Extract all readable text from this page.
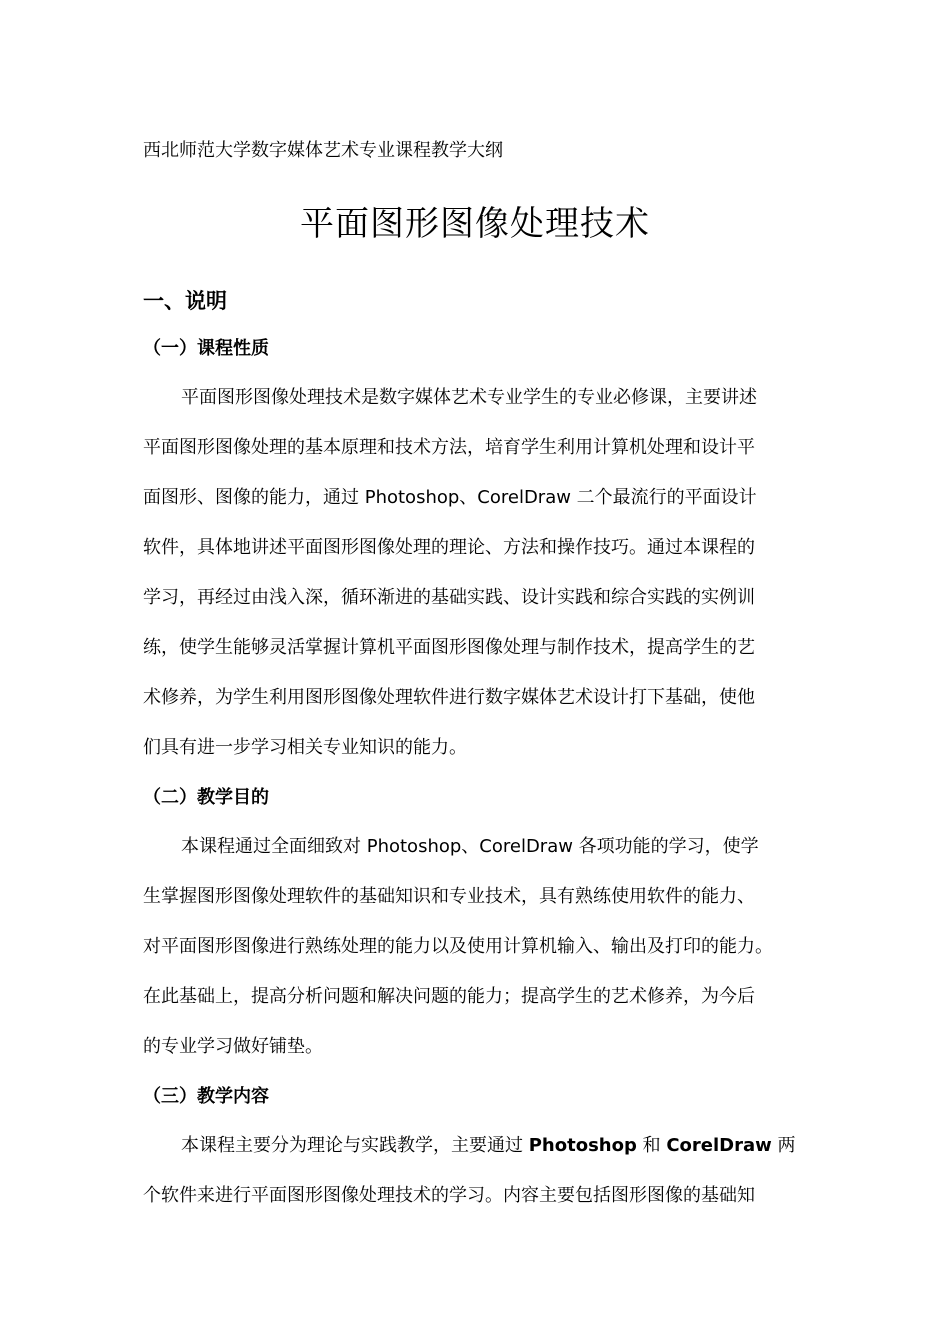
西北师范大学数字媒体艺术专业课程教学大纲
平面图形图像处理技术
一、说明
（一）课程性质
平面图形图像处理技术是数字媒体艺术专业学生的专业必修课，主要讲述
平面图形图像处理的基本原理和技术方法，培育学生利用计算机处理和设计平
面图形、图像的能力，通过 Photoshop、CorelDraw 二个最流行的平面设计
软件，具体地讲述平面图形图像处理的理论、方法和操作技巧。通过本课程的
学习，再经过由浅入深，循环渐进的基础实践、设计实践和综合实践的实例训
练，使学生能够灵活掌握计算机平面图形图像处理与制作技术，提高学生的艺
术修养，为学生利用图形图像处理软件进行数字媒体艺术设计打下基础，使他
们具有进一步学习相关专业知识的能力。
（二）教学目的
本课程通过全面细致对 Photoshop、CorelDraw 各项功能的学习，使学
生掌握图形图像处理软件的基础知识和专业技术，具有熟练使用软件的能力、
对平面图形图像进行熟练处理的能力以及使用计算机输入、输出及打印的能力。
在此基础上，提高分析问题和解决问题的能力；提高学生的艺术修养，为今后
的专业学习做好铺垫。
（三）教学内容
本课程主要分为理论与实践教学，主要通过 Photoshop 和 CorelDraw 两
个软件来进行平面图形图像处理技术的学习。内容主要包括图形图像的基础知
